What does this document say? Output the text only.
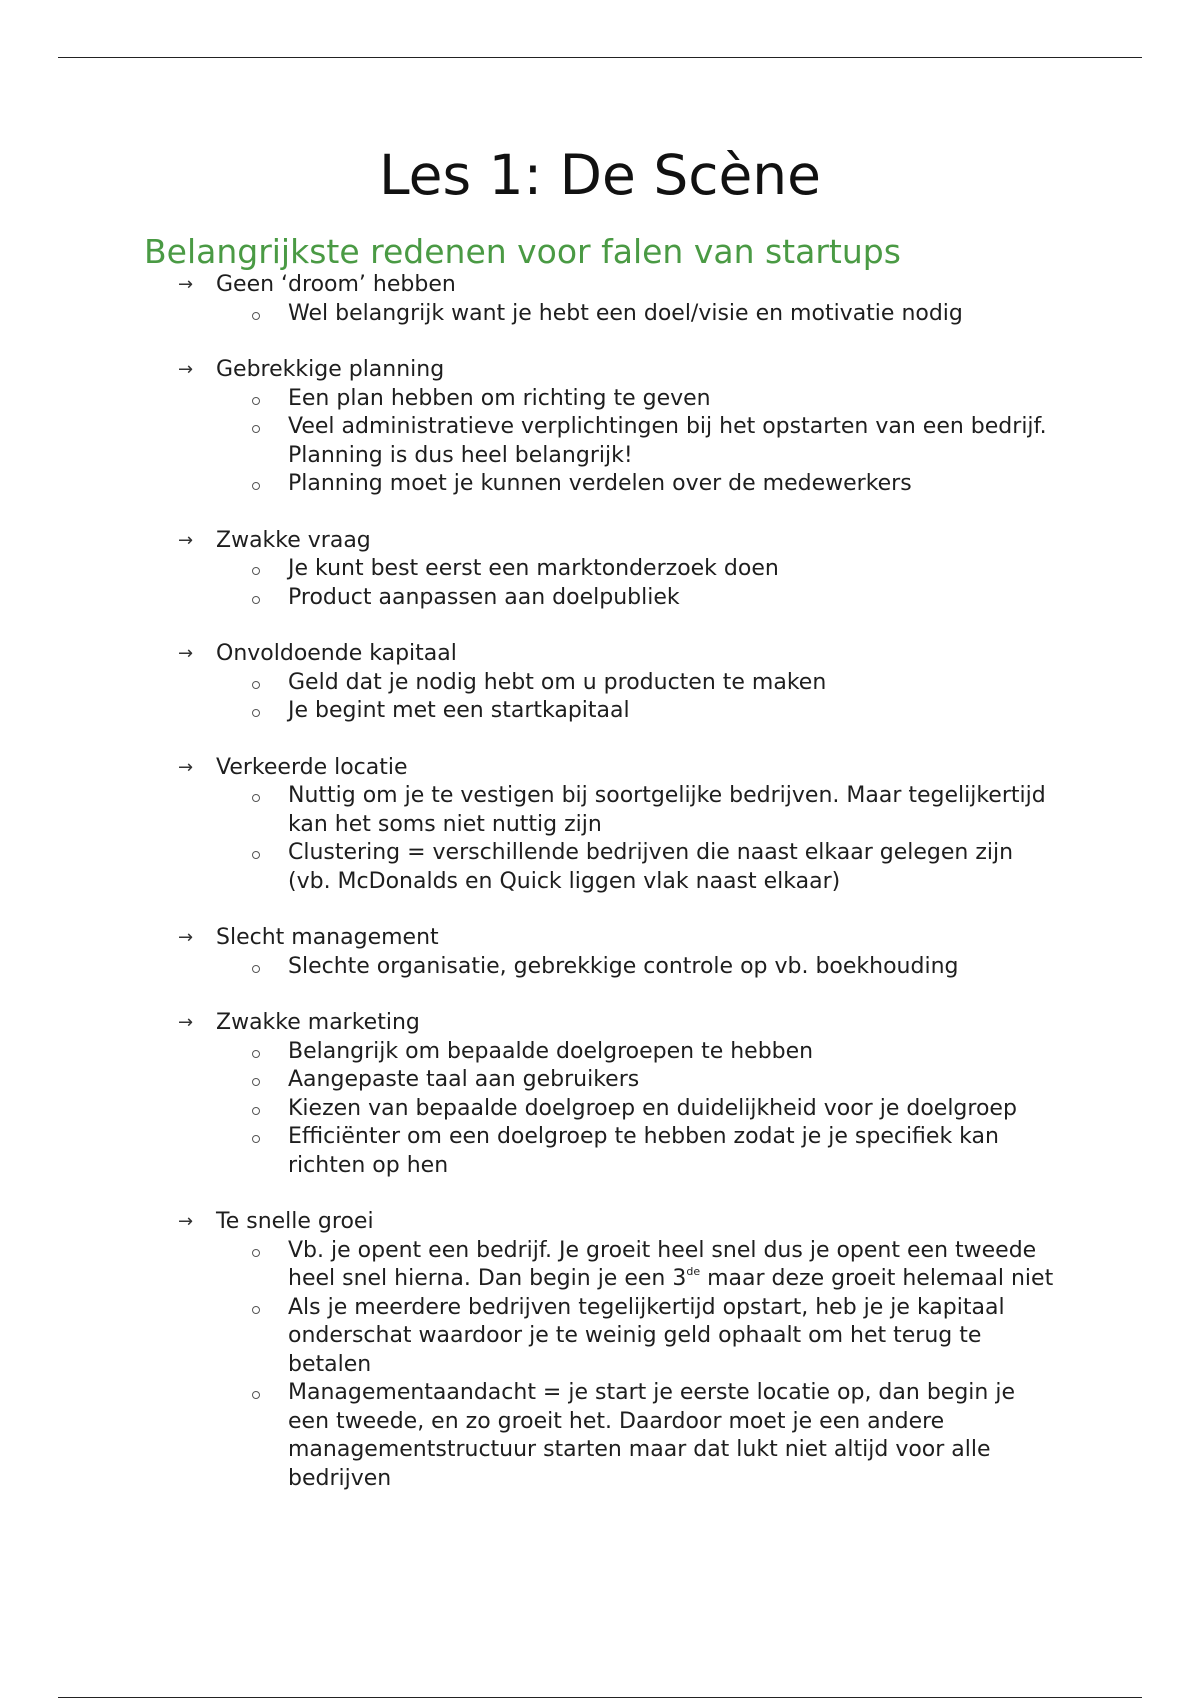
Les 1: De Scène
Belangrijkste redenen voor falen van startups
→	Geen ‘droom’ hebben
Wel belangrijk want je hebt een doel/visie en motivatie nodig
→	Gebrekkige planning
Een plan hebben om richting te geven
Veel administratieve verplichtingen bij het opstarten van een bedrijf. Planning is dus heel belangrijk!
Planning moet je kunnen verdelen over de medewerkers
→	Zwakke vraag
Je kunt best eerst een marktonderzoek doen
Product aanpassen aan doelpubliek
→	Onvoldoende kapitaal
Geld dat je nodig hebt om u producten te maken
Je begint met een startkapitaal
→	Verkeerde locatie
Nuttig om je te vestigen bij soortgelijke bedrijven. Maar tegelijkertijd kan het soms niet nuttig zijn
Clustering = verschillende bedrijven die naast elkaar gelegen zijn (vb. McDonalds en Quick liggen vlak naast elkaar)
→	Slecht management
Slechte organisatie, gebrekkige controle op vb. boekhouding
→	Zwakke marketing
Belangrijk om bepaalde doelgroepen te hebben
Aangepaste taal aan gebruikers
Kiezen van bepaalde doelgroep en duidelijkheid voor je doelgroep
Efficiënter om een doelgroep te hebben zodat je je specifiek kan richten op hen
→	Te snelle groei
Vb. je opent een bedrijf. Je groeit heel snel dus je opent een tweede heel snel hierna. Dan begin je een 3de maar deze groeit helemaal niet
Als je meerdere bedrijven tegelijkertijd opstart, heb je je kapitaal onderschat waardoor je te weinig geld ophaalt om het terug te betalen
Managementaandacht = je start je eerste locatie op, dan begin je een tweede, en zo groeit het. Daardoor moet je een andere managementstructuur starten maar dat lukt niet altijd voor alle bedrijven
